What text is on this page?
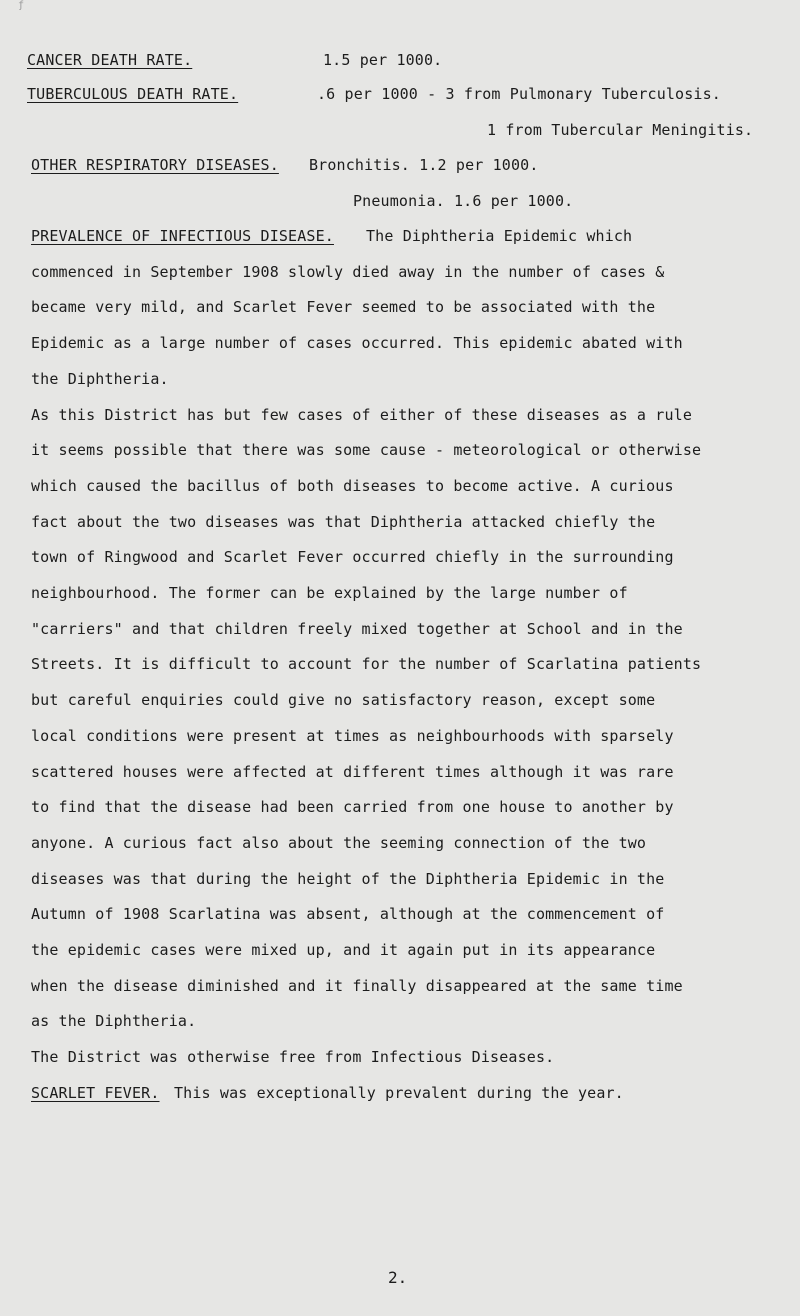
ƒ
CANCER DEATH RATE.	1.5 per 1000.
TUBERCULOUS DEATH RATE.	.6 per 1000 - 3 from Pulmonary Tuberculosis.
1 from Tubercular Meningitis.
OTHER RESPIRATORY DISEASES. Bronchitis. 1.2 per 1000.
Pneumonia. 1.6 per 1000.
PREVALENCE OF INFECTIOUS DISEASE. The Diphtheria Epidemic which
commenced in September 1908 slowly died away in the number of cases &
became very mild, and Scarlet Fever seemed to be associated with the
Epidemic as a large number of cases occurred. This epidemic abated with
the Diphtheria.
As this District has but few cases of either of these diseases as a rule
it seems possible that there was some cause - meteorological or otherwise
which caused the bacillus of both diseases to become active. A curious
fact about the two diseases was that Diphtheria attacked chiefly the
town of Ringwood and Scarlet Fever occurred chiefly in the surrounding
neighbourhood. The former can be explained by the large number of
"carriers" and that children freely mixed together at School and in the
Streets. It is difficult to account for the number of Scarlatina patients
but careful enquiries could give no satisfactory reason, except some
local conditions were present at times as neighbourhoods with sparsely
scattered houses were affected at different times although it was rare
to find that the disease had been carried from one house to another by
anyone. A curious fact also about the seeming connection of the two
diseases was that during the height of the Diphtheria Epidemic in the
Autumn of 1908 Scarlatina was absent, although at the commencement of
the epidemic cases were mixed up, and it again put in its appearance
when the disease diminished and it finally disappeared at the same time
as the Diphtheria.
The District was otherwise free from Infectious Diseases.
SCARLET FEVER. This was exceptionally prevalent during the year.
2.
